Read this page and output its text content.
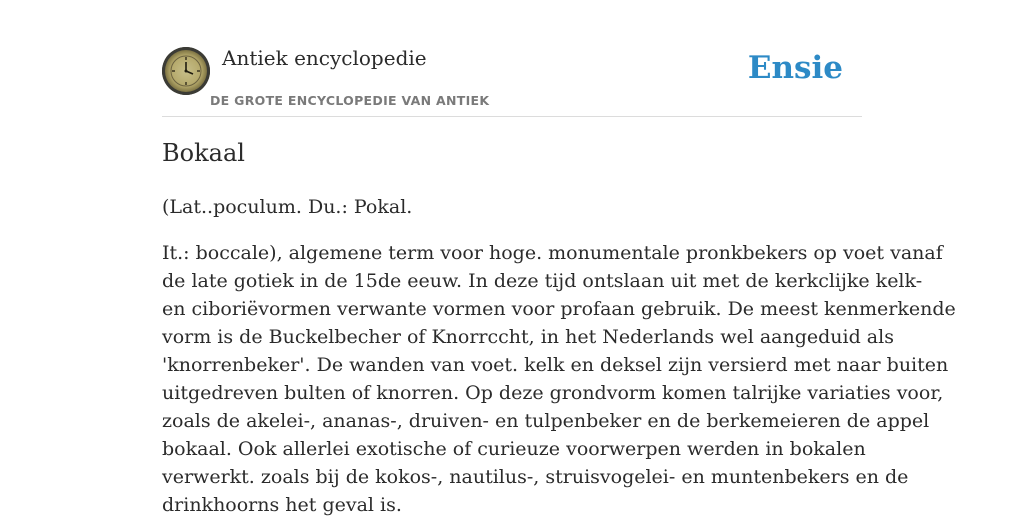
Antiek encyclopedie
DE GROTE ENCYCLOPEDIE VAN ANTIEK
Ensie
Bokaal

(Lat..poculum. Du.: Pokal.

It.: boccale), algemene term voor hoge. monumentale pronkbekers op voet vanaf
de late gotiek in de 15de eeuw. In deze tijd ontslaan uit met de kerkclijke kelk-
en ciboriëvormen verwante vormen voor profaan gebruik. De meest kenmerkende
vorm is de Buckelbecher of Knorrccht, in het Nederlands wel aangeduid als
'knorrenbeker'. De wanden van voet. kelk en deksel zijn versierd met naar buiten
uitgedreven bulten of knorren. Op deze grondvorm komen talrijke variaties voor,
zoals de akelei-, ananas-, druiven- en tulpenbeker en de berkemeieren de appel
bokaal. Ook allerlei exotische of curieuze voorwerpen werden in bokalen
verwerkt. zoals bij de kokos-, nautilus-, struisvogelei- en muntenbekers en de
drinkhoorns het geval is.
